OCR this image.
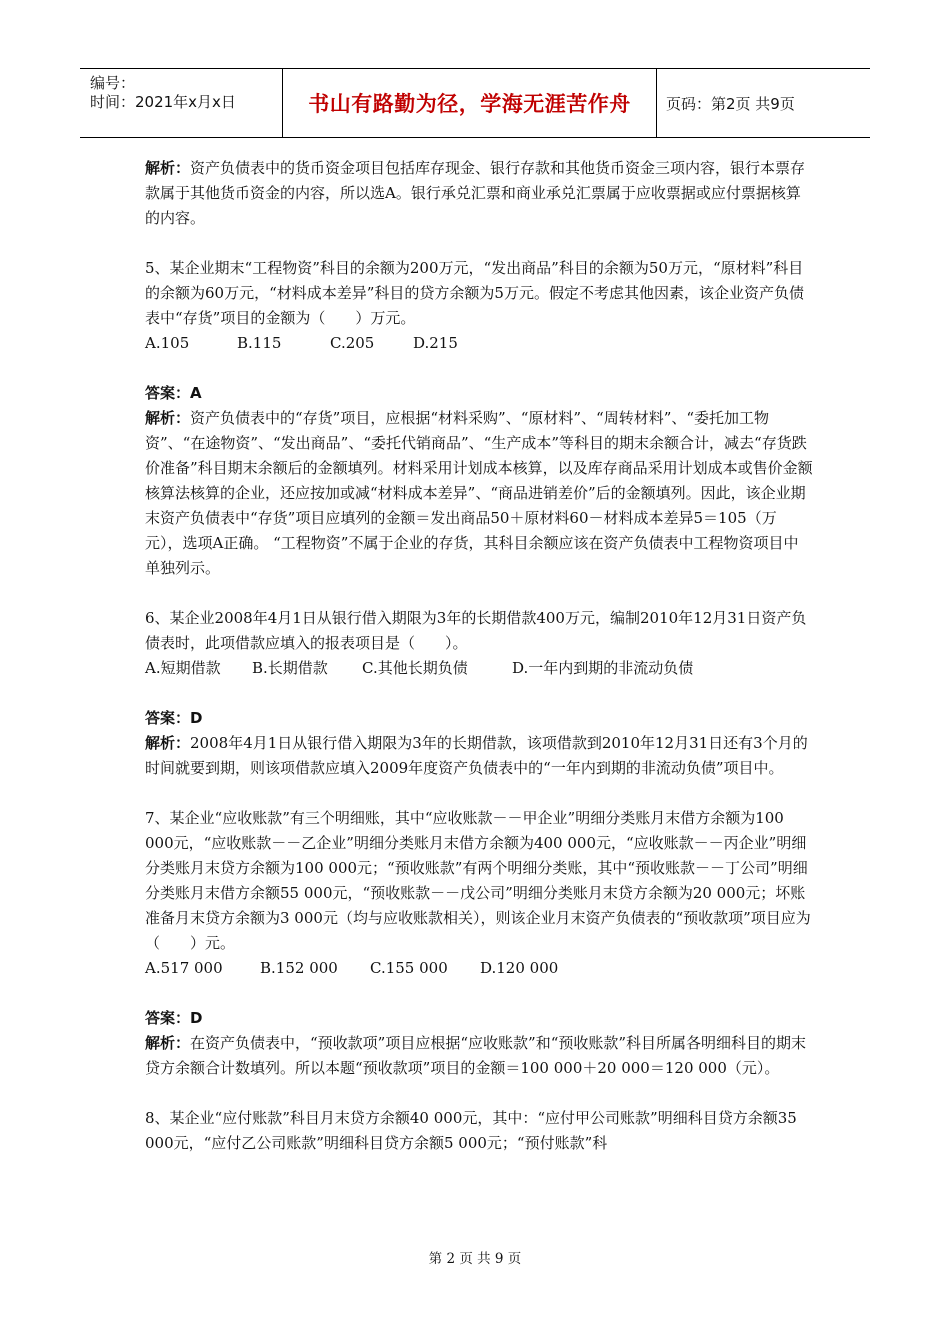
编号：
时间：2021年x月x日	书山有路勤为径，学海无涯苦作舟 页码：第2页 共9页

解析：资产负债表中的货币资金项目包括库存现金、银行存款和其他货币资金三项内容，银行本票存款属于其他货币资金的内容，所以选A。银行承兑汇票和商业承兑汇票属于应收票据或应付票据核算的内容。

5、某企业期末“工程物资”科目的余额为200万元，“发出商品”科目的余额为50万元，“原材料”科目的余额为60万元，“材料成本差异”科目的贷方余额为5万元。假定不考虑其他因素，该企业资产负债表中“存货”项目的金额为（　　）万元。
A.105	B.115	C.205	D.215
答案：A

解析：资产负债表中的“存货”项目，应根据“材料采购”、“原材料”、“周转材料”、“委托加工物资”、“在途物资”、“发出商品”、“委托代销商品”、“生产成本”等科目的期末余额合计，减去“存货跌价准备”科目期末余额后的金额填列。材料采用计划成本核算，以及库存商品采用计划成本或售价金额核算法核算的企业，还应按加或减“材料成本差异”、“商品进销差价”后的金额填列。因此，该企业期末资产负债表中“存货”项目应填列的金额＝发出商品50＋原材料60－材料成本差异5＝105（万元），选项A正确。 “工程物资”不属于企业的存货，其科目余额应该在资产负债表中工程物资项目中单独列示。

6、某企业2008年4月1日从银行借入期限为3年的长期借款400万元，编制2010年12月31日资产负债表时，此项借款应填入的报表项目是（　　）。
A.短期借款	B.长期借款	C.其他长期负债	D.一年内到期的非流动负债
答案：D

解析：2008年4月1日从银行借入期限为3年的长期借款，该项借款到2010年12月31日还有3个月的时间就要到期，则该项借款应填入2009年度资产负债表中的“一年内到期的非流动负债”项目中。

7、某企业“应收账款”有三个明细账，其中“应收账款－－甲企业”明细分类账月末借方余额为100 000元，“应收账款－－乙企业”明细分类账月末借方余额为400 000元，“应收账款－－丙企业”明细分类账月末贷方余额为100 000元；“预收账款”有两个明细分类账，其中“预收账款－－丁公司”明细分类账月末借方余额55 000元，“预收账款－－戊公司”明细分类账月末贷方余额为20 000元；坏账准备月末贷方余额为3 000元（均与应收账款相关），则该企业月末资产负债表的“预收款项”项目应为（　　）元。
A.517 000	B.152 000	C.155 000	D.120 000
答案：D

解析：在资产负债表中，“预收款项”项目应根据“应收账款”和“预收账款”科目所属各明细科目的期末贷方余额合计数填列。所以本题“预收款项”项目的金额＝100 000＋20 000＝120 000（元）。

8、某企业“应付账款”科目月末贷方余额40 000元，其中：“应付甲公司账款”明细科目贷方余额35 000元，“应付乙公司账款”明细科目贷方余额5 000元；“预付账款”科
第 2 页 共 9 页
